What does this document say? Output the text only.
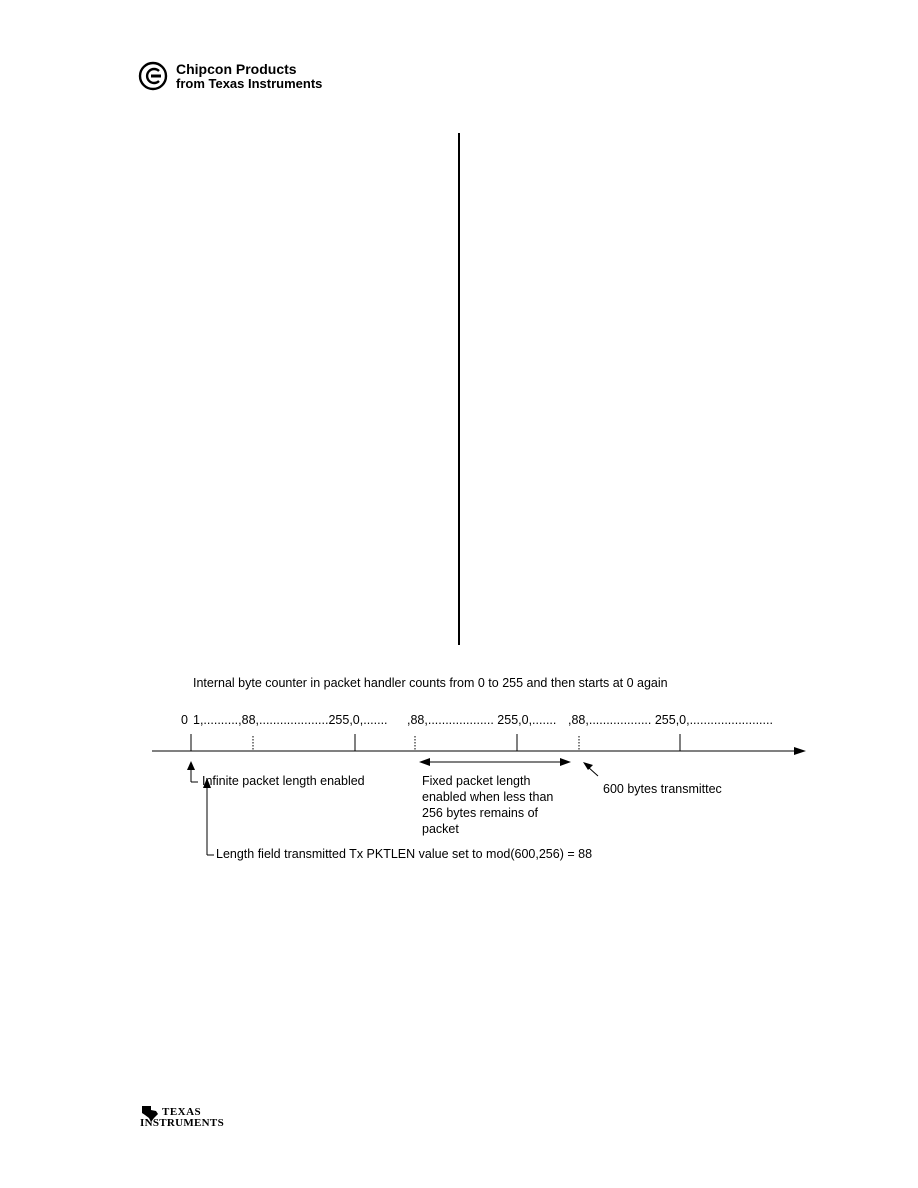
Chipcon Products
from Texas Instruments
Internal byte counter in packet handler counts from 0 to 255 and then starts at 0 again
0 1,..........,88,....................255,0,....... ,88,................... 255,0,....... ,88,.................. 255,0,........................
Infinite packet length enabled	Fixed packet length
enabled when less than
256 bytes remains of
packet
600 bytes transmittec
Length field transmitted Tx PKTLEN value set to mod(600,256) = 88
TEXAS
INSTRUMENTS
